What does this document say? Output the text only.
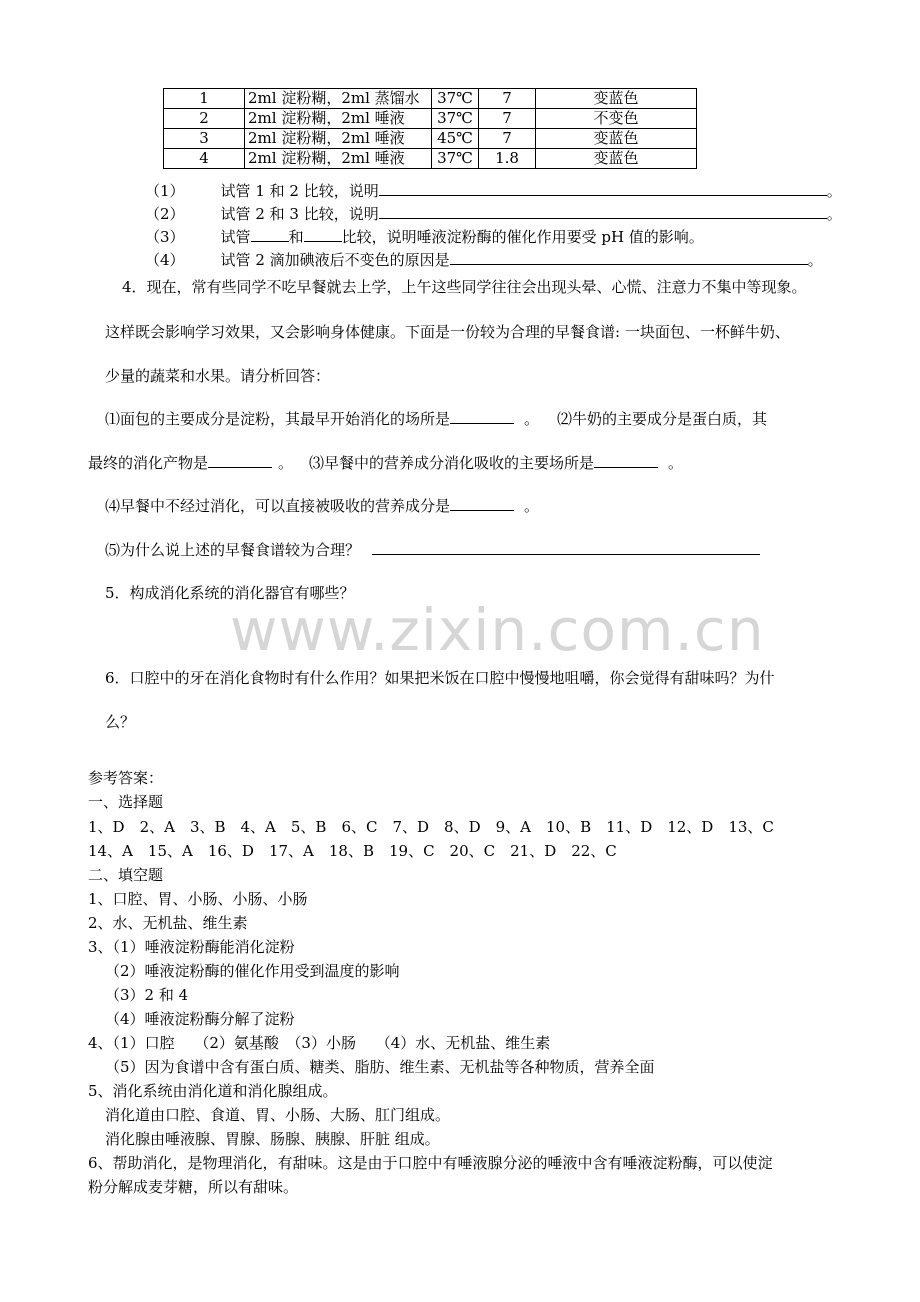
1	2ml 淀粉糊，2ml 蒸馏水	37℃	7	变蓝色
2	2ml 淀粉糊，2ml 唾液	37℃	7	不变色
3	2ml 淀粉糊，2ml 唾液	45℃	7	变蓝色
4	2ml 淀粉糊，2ml 唾液	37℃	1.8	变蓝色
（1） 试管 1 和 2 比较，说明	。
（2） 试管 2 和 3 比较，说明	。
（3） 试管	和	比较，说明唾液淀粉酶的催化作用要受 pH 值的影响。
（4） 试管 2 滴加碘液后不变色的原因是	。
4．现在，常有些同学不吃早餐就去上学，上午这些同学往往会出现头晕、心慌、注意力不集中等现象。
这样既会影响学习效果，又会影响身体健康。下面是一份较为合理的早餐食谱: 一块面包、一杯鲜牛奶、
少量的蔬菜和水果。请分析回答：
⑴面包的主要成分是淀粉，其最早开始消化的场所是	。 ⑵牛奶的主要成分是蛋白质，其
最终的消化产物是	。 ⑶早餐中的营养成分消化吸收的主要场所是	。
⑷早餐中不经过消化，可以直接被吸收的营养成分是	。
⑸为什么说上述的早餐食谱较为合理？
5．构成消化系统的消化器官有哪些？
www.zixin.com.cn
6．口腔中的牙在消化食物时有什么作用？如果把米饭在口腔中慢慢地咀嚼，你会觉得有甜味吗？为什
么？
参考答案：
一、选择题
1、D　2、A　3、B　4、A　5、B　6、C　7、D　8、D　9、A　10、B　11、D　12、D　13、C
14、A　15、A　16、D　17、A　18、B　19、C　20、C　21、D　22、C
二、填空题
1、口腔、胃、小肠、小肠、小肠
2、水、无机盐、维生素
3、（1）唾液淀粉酶能消化淀粉
（2）唾液淀粉酶的催化作用受到温度的影响
（3）2 和 4
（4）唾液淀粉酶分解了淀粉
4、（1）口腔　 （2）氨基酸　（3）小肠　 （4）水、无机盐、维生素
（5）因为食谱中含有蛋白质、糖类、脂肪、维生素、无机盐等各种物质，营养全面
5、消化系统由消化道和消化腺组成。
消化道由口腔、食道、胃、小肠、大肠、肛门组成。
消化腺由唾液腺、胃腺、肠腺、胰腺、肝脏 组成。
6、帮助消化，是物理消化，有甜味。这是由于口腔中有唾液腺分泌的唾液中含有唾液淀粉酶，可以使淀
粉分解成麦芽糖，所以有甜味。
